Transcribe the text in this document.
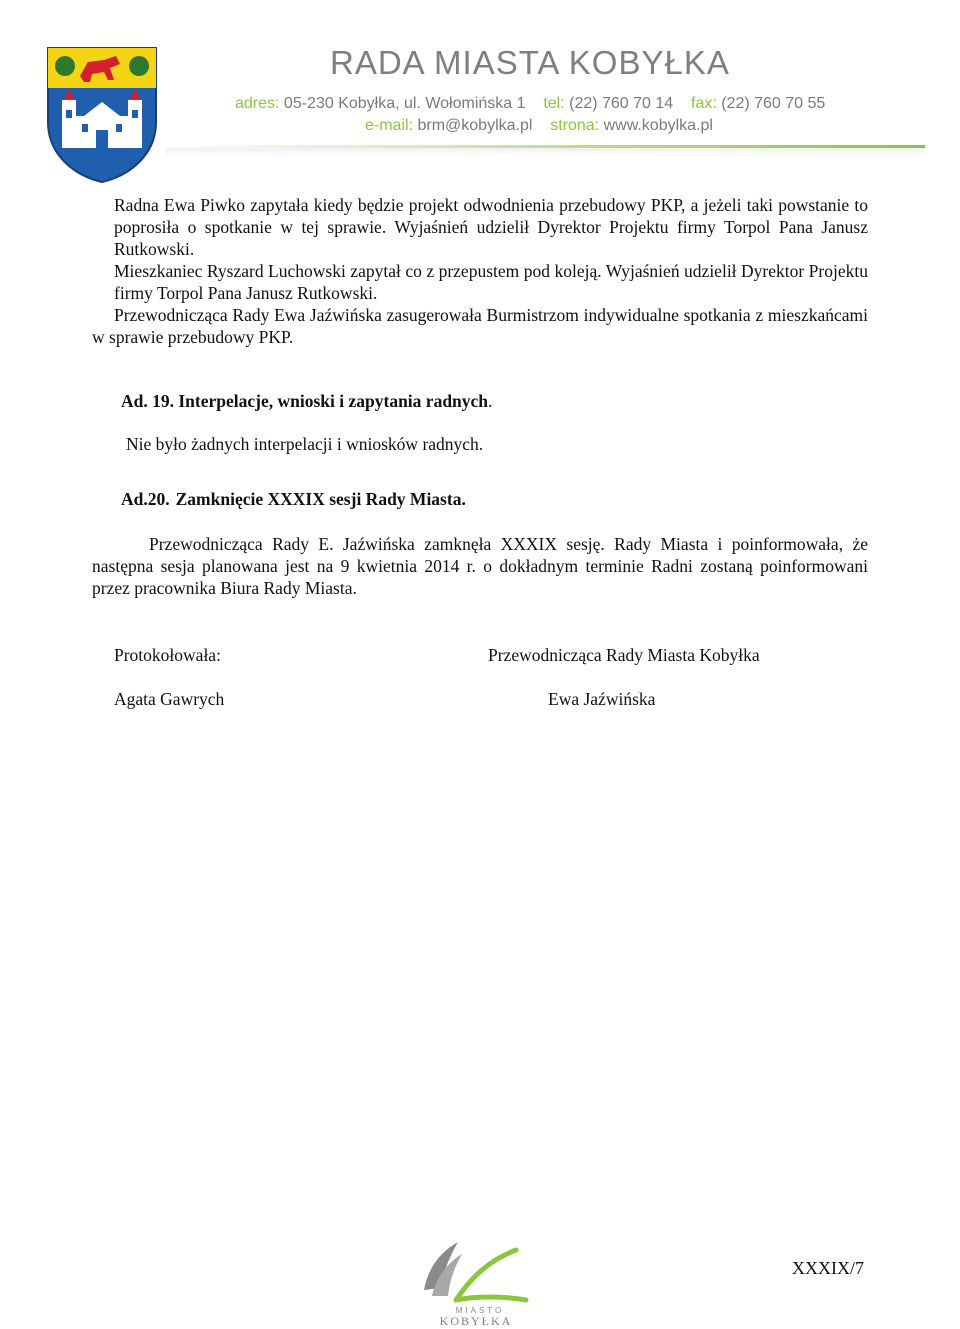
RADA MIASTA KOBYŁKA
adres: 05-230 Kobyłka, ul. Wołomińska 1 tel: (22) 760 70 14 fax: (22) 760 70 55
e-mail: brm@kobylka.pl strona: www.kobylka.pl
Radna Ewa Piwko zapytała kiedy będzie projekt odwodnienia przebudowy PKP, a jeżeli taki powstanie to poprosiła o spotkanie w tej sprawie. Wyjaśnień udzielił Dyrektor Projektu firmy Torpol Pana Janusz Rutkowski.
Mieszkaniec Ryszard Luchowski zapytał co z przepustem pod koleją. Wyjaśnień udzielił Dyrektor Projektu firmy Torpol Pana Janusz Rutkowski.
Przewodnicząca Rady Ewa Jaźwińska zasugerowała Burmistrzom indywidualne spotkania z mieszkańcami w sprawie przebudowy PKP.
Ad. 19. Interpelacje, wnioski i zapytania radnych.
Nie było żadnych interpelacji i wniosków radnych.
Ad.20. Zamknięcie XXXIX sesji Rady Miasta.
Przewodnicząca Rady E. Jaźwińska zamknęła XXXIX sesję. Rady Miasta i poinformowała, że następna sesja planowana jest na 9 kwietnia 2014 r. o dokładnym terminie Radni zostaną poinformowani przez pracownika Biura Rady Miasta.
Protokołowała:
Agata Gawrych
Przewodnicząca Rady Miasta Kobyłka
Ewa Jaźwińska
MIASTO
KOBYŁKA
XXXIX/7
